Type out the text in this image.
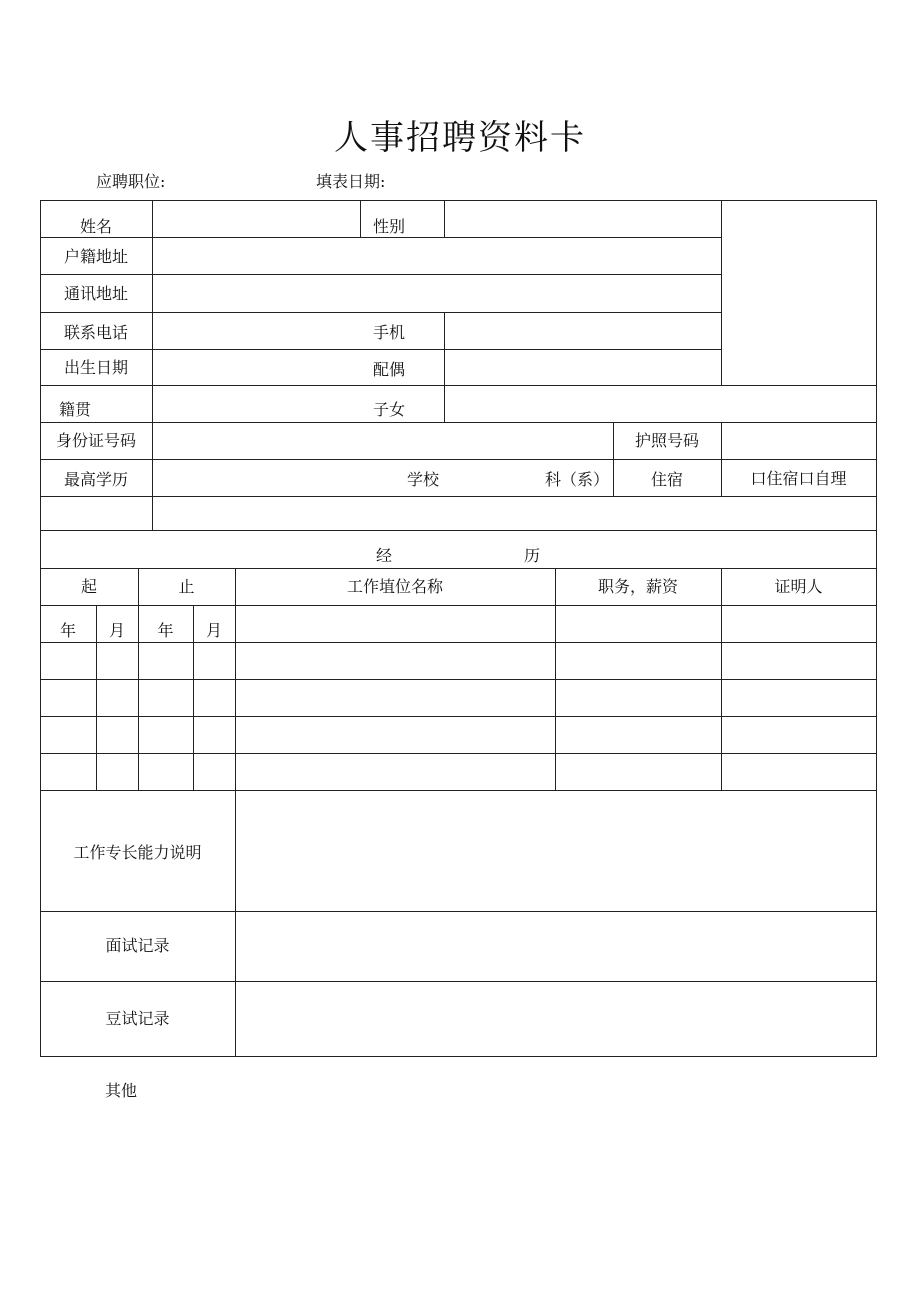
人事招聘资料卡
应聘职位:	填表日期:
姓名	性别
户籍地址
通讯地址
联系电话	手机
出生日期	配偶
籍贯	子女
身份证号码	护照号码
最高学历	学校	科（系）	住宿	口住宿口自理
经	历
起	止	工作埴位名称	职务，薪资	证明人
年	月	年	月
工作专长能力说明
面试记录
豆试记录
其他
